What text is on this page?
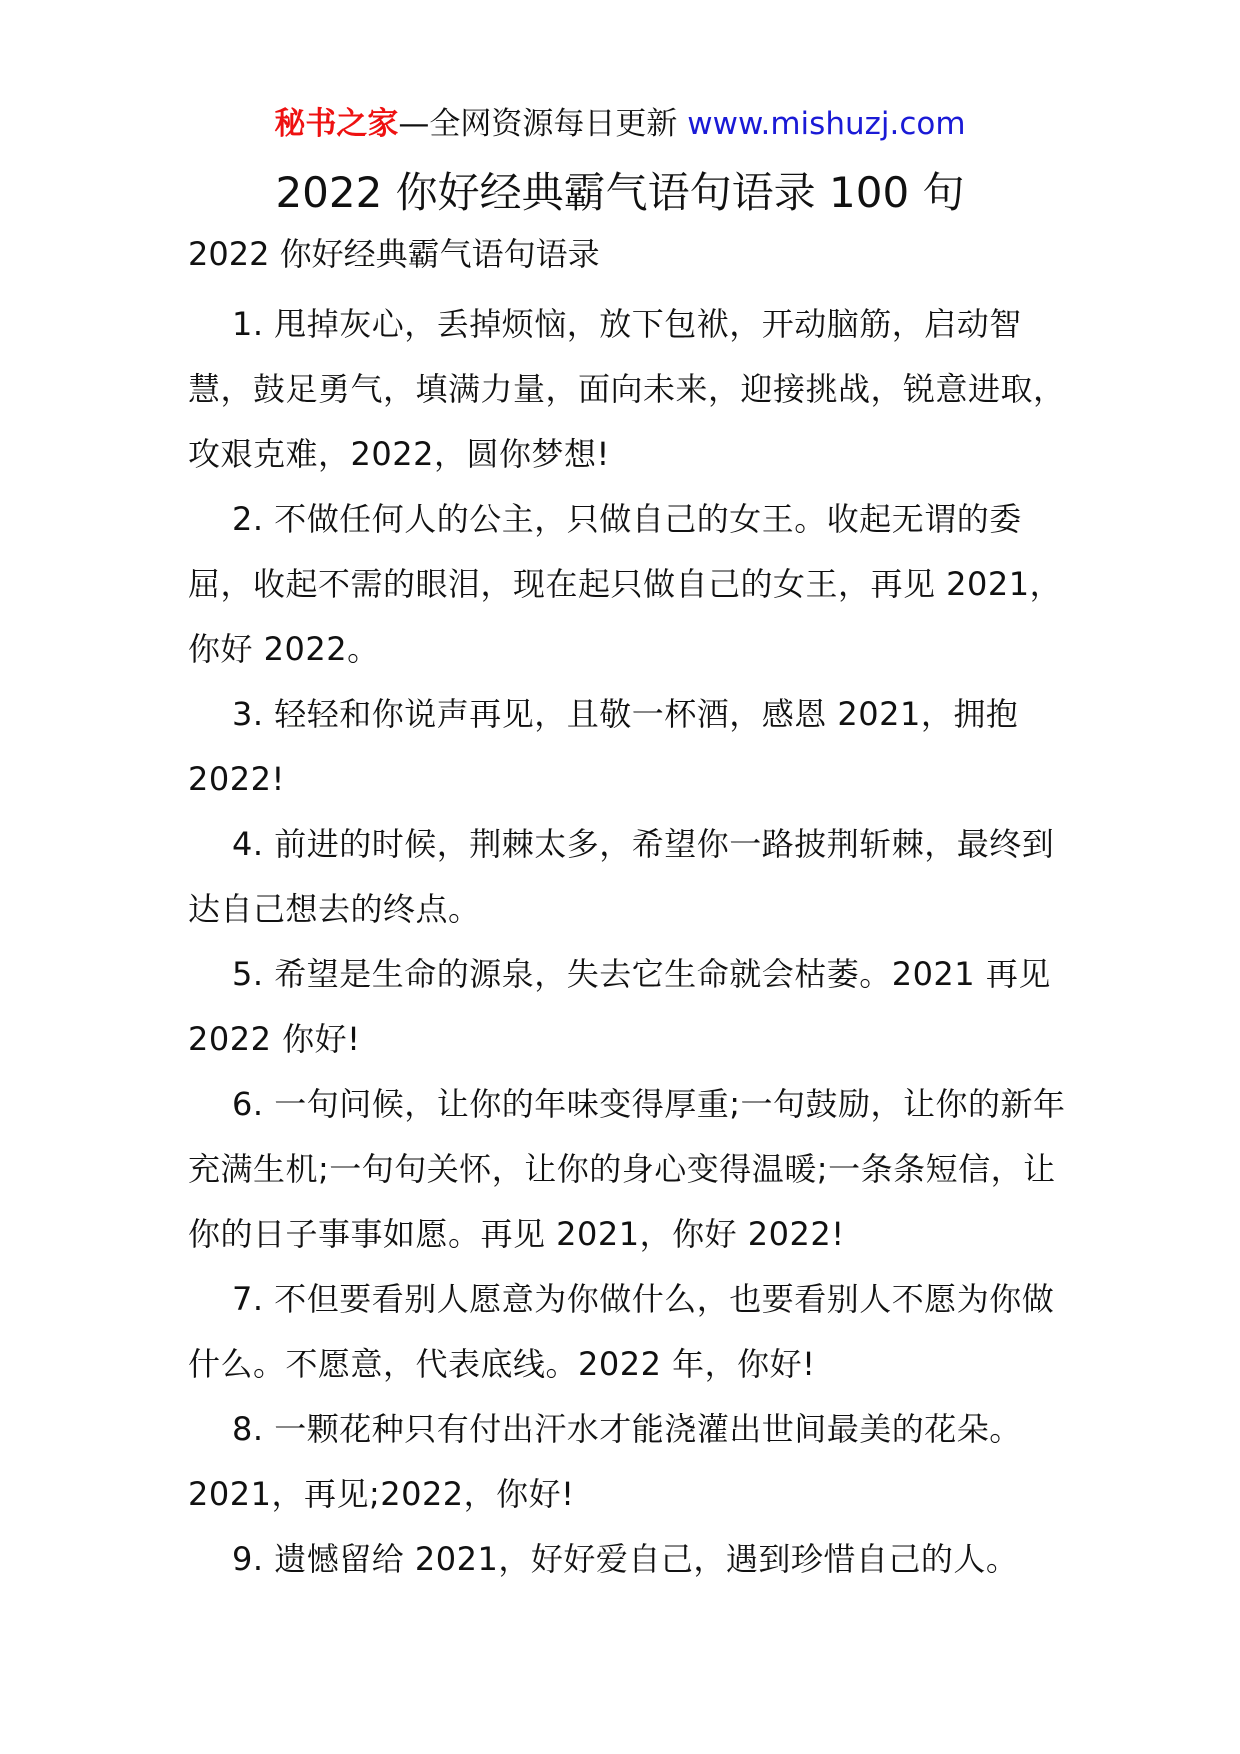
秘书之家—全网资源每日更新 www.mishuzj.com
2022 你好经典霸气语句语录 100 句
2022 你好经典霸气语句语录

1. 甩掉灰心，丢掉烦恼，放下包袱，开动脑筋，启动智慧，鼓足勇气，填满力量，面向未来，迎接挑战，锐意进取，攻艰克难，2022，圆你梦想!

2. 不做任何人的公主，只做自己的女王。收起无谓的委屈，收起不需的眼泪，现在起只做自己的女王，再见 2021，你好 2022。

3. 轻轻和你说声再见，且敬一杯酒，感恩 2021，拥抱 2022!

4. 前进的时候，荆棘太多，希望你一路披荆斩棘，最终到达自己想去的终点。

5. 希望是生命的源泉，失去它生命就会枯萎。2021 再见 2022 你好!

6. 一句问候，让你的年味变得厚重;一句鼓励，让你的新年充满生机;一句句关怀，让你的身心变得温暖;一条条短信，让你的日子事事如愿。再见 2021，你好 2022!

7. 不但要看别人愿意为你做什么，也要看别人不愿为你做什么。不愿意，代表底线。2022 年，你好!

8. 一颗花种只有付出汗水才能浇灌出世间最美的花朵。2021，再见;2022，你好!

9. 遗憾留给 2021，好好爱自己，遇到珍惜自己的人。
